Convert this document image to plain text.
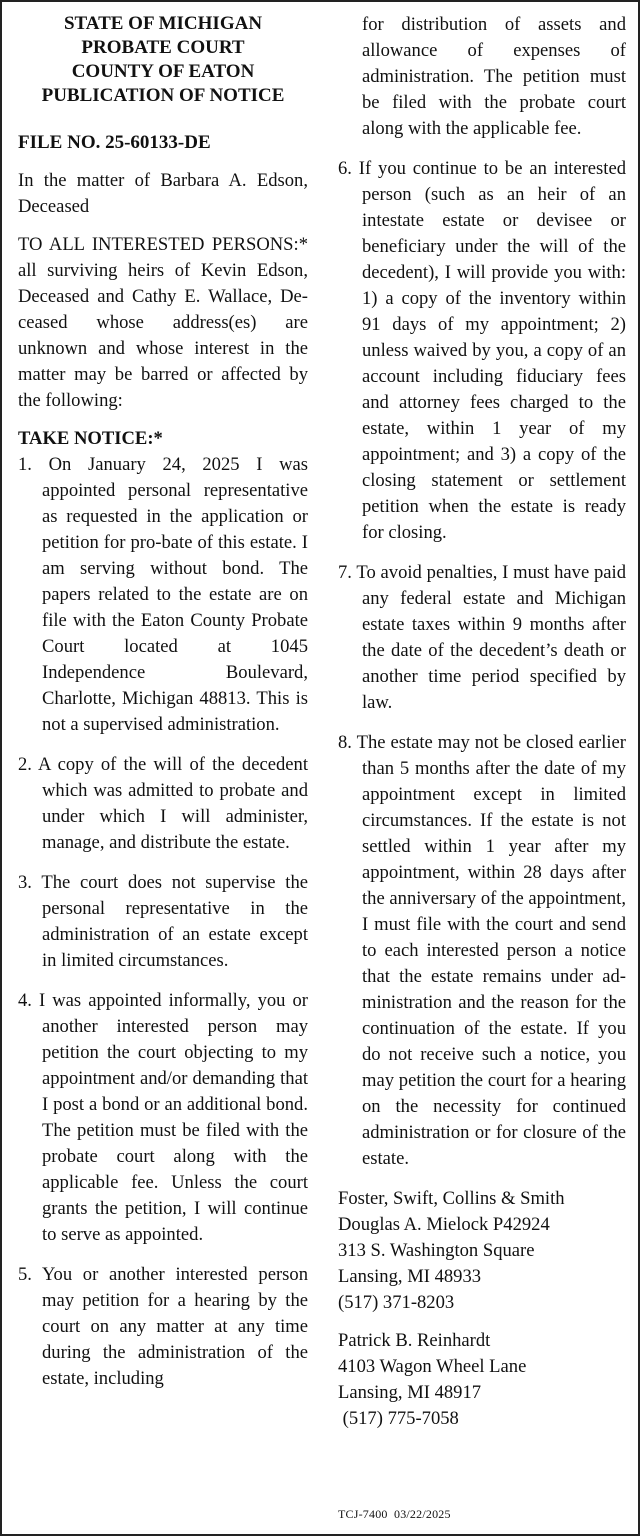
STATE OF MICHIGAN
PROBATE COURT
COUNTY OF EATON
PUBLICATION OF NOTICE
FILE NO. 25-60133-DE

In the matter of Barbara A. Edson, Deceased

TO ALL INTERESTED PERSONS:* all surviving heirs of Kevin Edson, Deceased and Cathy E. Wallace, De-ceased whose address(es) are unknown and whose interest in the matter may be barred or affected by the following:

TAKE NOTICE:*
1. On January 24, 2025 I was appointed personal representative as requested in the application or petition for pro-bate of this estate. I am serving without bond. The papers related to the estate are on file with the Eaton County Probate Court located at 1045 Independence Boulevard, Charlotte, Michigan 48813. This is not a supervised administration.
2. A copy of the will of the decedent which was admitted to probate and under which I will administer, manage, and distribute the estate.
3. The court does not supervise the personal representative in the administration of an estate except in limited circumstances.
4. I was appointed informally, you or another interested person may petition the court objecting to my appointment and/or demanding that I post a bond or an additional bond. The petition must be filed with the probate court along with the applicable fee. Unless the court grants the petition, I will continue to serve as appointed.
5. You or another interested person may petition for a hearing by the court on any matter at any time during the administration of the estate, including
for distribution of assets and allowance of expenses of administration. The petition must be filed with the probate court along with the applicable fee.
6. If you continue to be an interested person (such as an heir of an intestate estate or devisee or beneficiary under the will of the decedent), I will provide you with: 1) a copy of the inventory within 91 days of my appointment; 2) unless waived by you, a copy of an account including fiduciary fees and attorney fees charged to the estate, within 1 year of my appointment; and 3) a copy of the closing statement or settlement petition when the estate is ready for closing.
7. To avoid penalties, I must have paid any federal estate and Michigan estate taxes within 9 months after the date of the decedent’s death or another time period specified by law.
8. The estate may not be closed earlier than 5 months after the date of my appointment except in limited circumstances. If the estate is not settled within 1 year after my appointment, within 28 days after the anniversary of the appointment, I must file with the court and send to each interested person a notice that the estate remains under ad-ministration and the reason for the continuation of the estate. If you do not receive such a notice, you may petition the court for a hearing on the necessity for continued administration or for closure of the estate.
Foster, Swift, Collins & Smith
Douglas A. Mielock P42924
313 S. Washington Square
Lansing, MI 48933
(517) 371-8203
Patrick B. Reinhardt
4103 Wagon Wheel Lane
Lansing, MI 48917
(517) 775-7058
TCJ-7400  03/22/2025
